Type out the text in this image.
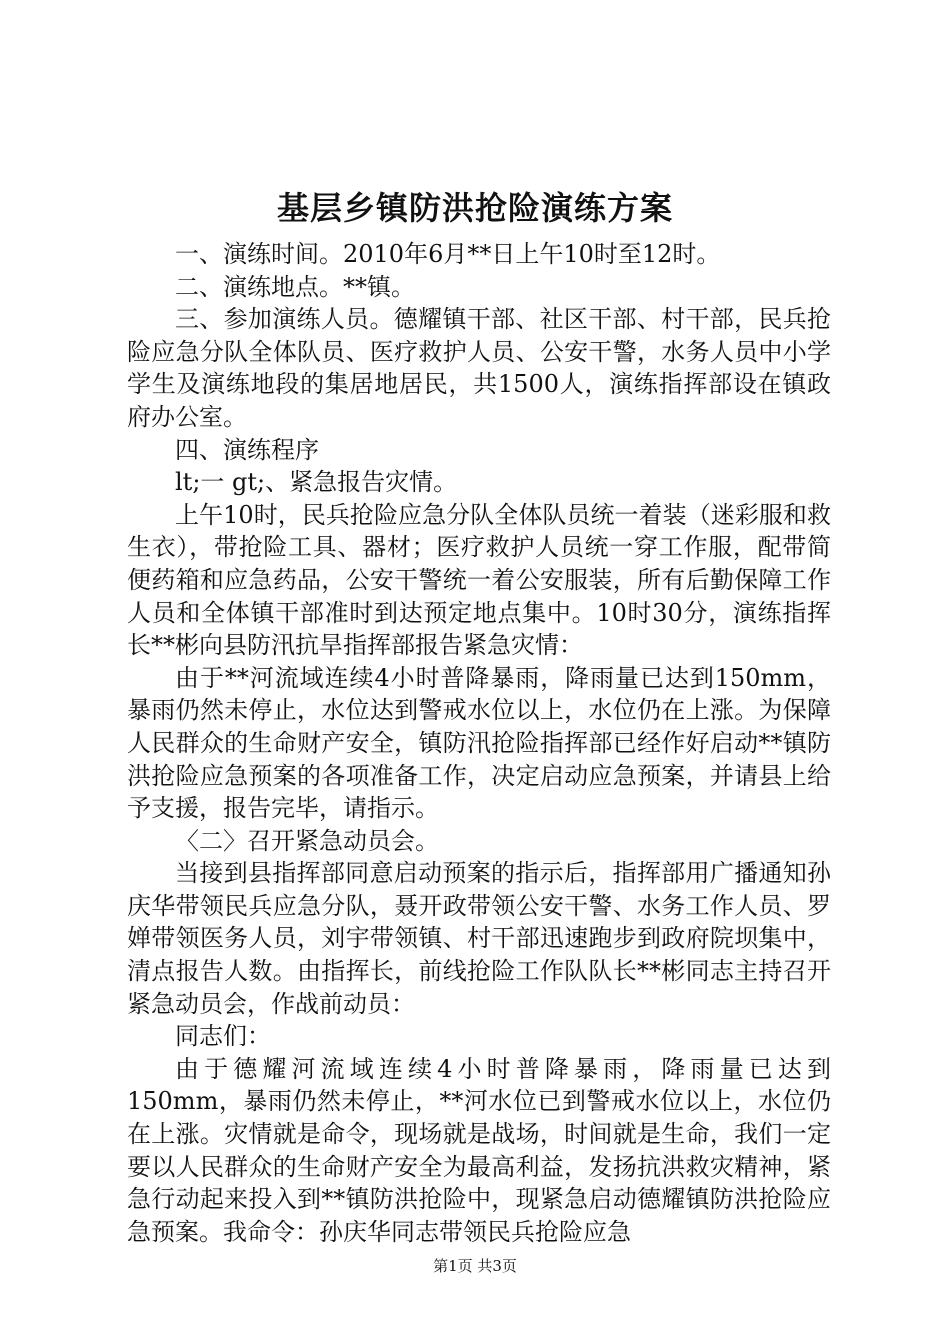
基层乡镇防洪抢险演练方案

一、演练时间。2010年6月**日上午10时至12时。

二、演练地点。**镇。

三、参加演练人员。德耀镇干部、社区干部、村干部，民兵抢险应急分队全体队员、医疗救护人员、公安干警，水务人员中小学学生及演练地段的集居地居民，共1500人，演练指挥部设在镇政府办公室。

四、演练程序

lt;一 gt;、紧急报告灾情。

上午10时，民兵抢险应急分队全体队员统一着装（迷彩服和救生衣），带抢险工具、器材；医疗救护人员统一穿工作服，配带简便药箱和应急药品，公安干警统一着公安服装，所有后勤保障工作人员和全体镇干部准时到达预定地点集中。10时30分，演练指挥长**彬向县防汛抗旱指挥部报告紧急灾情：

由于**河流域连续4小时普降暴雨，降雨量已达到150mm，暴雨仍然未停止，水位达到警戒水位以上，水位仍在上涨。为保障人民群众的生命财产安全，镇防汛抢险指挥部已经作好启动**镇防洪抢险应急预案的各项准备工作，决定启动应急预案，并请县上给予支援，报告完毕，请指示。

〈二〉召开紧急动员会。

当接到县指挥部同意启动预案的指示后，指挥部用广播通知孙庆华带领民兵应急分队，聂开政带领公安干警、水务工作人员、罗婵带领医务人员，刘宇带领镇、村干部迅速跑步到政府院坝集中，清点报告人数。由指挥长，前线抢险工作队队长**彬同志主持召开紧急动员会，作战前动员：

同志们：

由于德耀河流域连续4小时普降暴雨，降雨量已达到150mm，暴雨仍然未停止，**河水位已到警戒水位以上，水位仍在上涨。灾情就是命令，现场就是战场，时间就是生命，我们一定要以人民群众的生命财产安全为最高利益，发扬抗洪救灾精神，紧急行动起来投入到**镇防洪抢险中，现紧急启动德耀镇防洪抢险应急预案。我命令：孙庆华同志带领民兵抢险应急

第1页 共3页
